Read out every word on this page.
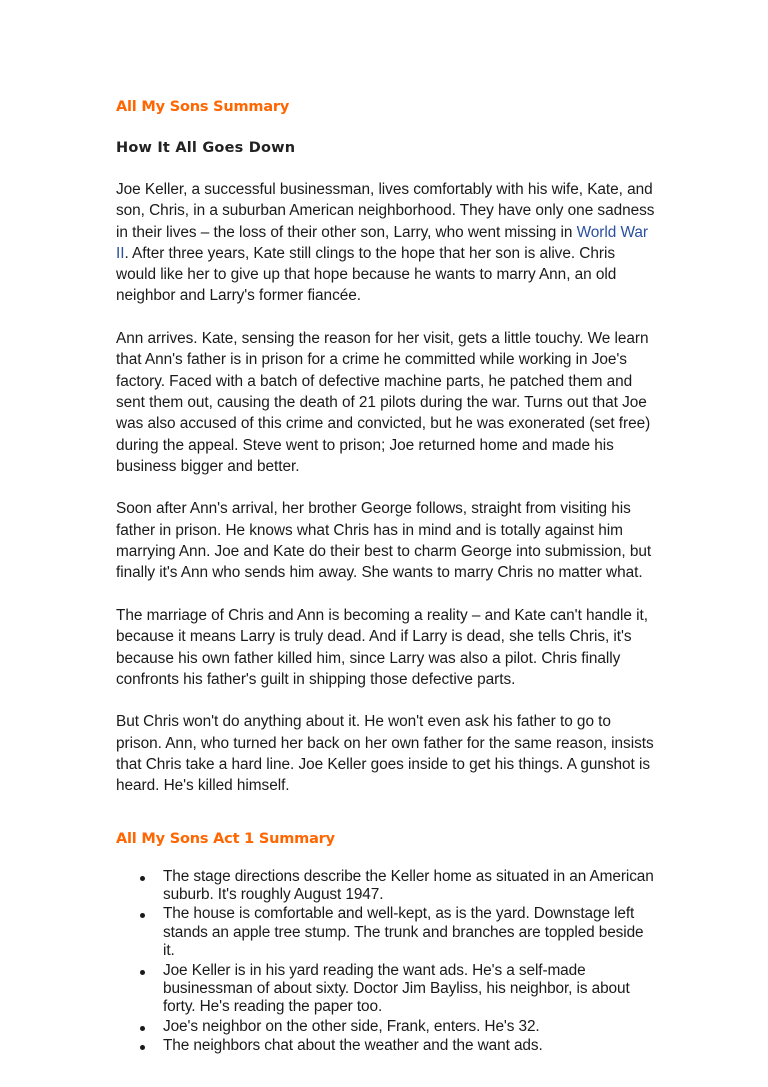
All My Sons Summary
How It All Goes Down

Joe Keller, a successful businessman, lives comfortably with his wife, Kate, and son, Chris, in a suburban American neighborhood. They have only one sadness in their lives – the loss of their other son, Larry, who went missing in World War II. After three years, Kate still clings to the hope that her son is alive. Chris would like her to give up that hope because he wants to marry Ann, an old neighbor and Larry's former fiancée.

Ann arrives. Kate, sensing the reason for her visit, gets a little touchy. We learn that Ann's father is in prison for a crime he committed while working in Joe's factory. Faced with a batch of defective machine parts, he patched them and sent them out, causing the death of 21 pilots during the war. Turns out that Joe was also accused of this crime and convicted, but he was exonerated (set free) during the appeal. Steve went to prison; Joe returned home and made his business bigger and better.

Soon after Ann's arrival, her brother George follows, straight from visiting his father in prison. He knows what Chris has in mind and is totally against him marrying Ann. Joe and Kate do their best to charm George into submission, but finally it's Ann who sends him away. She wants to marry Chris no matter what.

The marriage of Chris and Ann is becoming a reality – and Kate can't handle it, because it means Larry is truly dead. And if Larry is dead, she tells Chris, it's because his own father killed him, since Larry was also a pilot. Chris finally confronts his father's guilt in shipping those defective parts.

But Chris won't do anything about it. He won't even ask his father to go to prison. Ann, who turned her back on her own father for the same reason, insists that Chris take a hard line. Joe Keller goes inside to get his things. A gunshot is heard. He's killed himself.

All My Sons Act 1 Summary
The stage directions describe the Keller home as situated in an American suburb. It's roughly August 1947.
The house is comfortable and well-kept, as is the yard. Downstage left stands an apple tree stump. The trunk and branches are toppled beside it.
Joe Keller is in his yard reading the want ads. He's a self-made businessman of about sixty. Doctor Jim Bayliss, his neighbor, is about forty. He's reading the paper too.
Joe's neighbor on the other side, Frank, enters. He's 32.
The neighbors chat about the weather and the want ads.
